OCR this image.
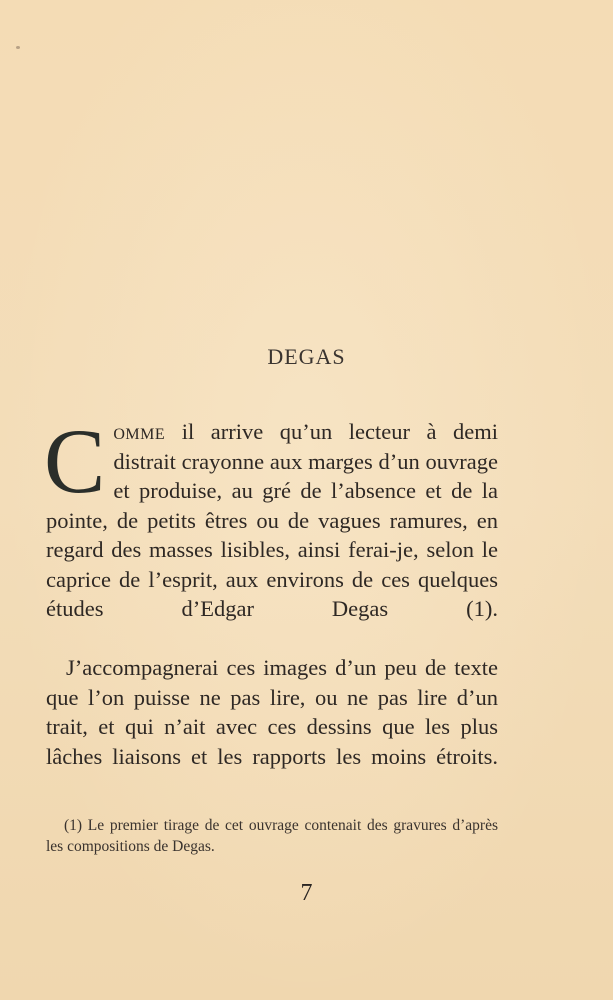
DEGAS

Comme il arrive qu’un lecteur à demi distrait crayonne aux marges d’un ouvrage et produise, au gré de l’absence et de la pointe, de petits êtres ou de vagues ramures, en regard des masses lisibles, ainsi ferai-je, selon le caprice de l’esprit, aux environs de ces quelques études d’Edgar Degas (1).

J’accompagnerai ces images d’un peu de texte que l’on puisse ne pas lire, ou ne pas lire d’un trait, et qui n’ait avec ces dessins que les plus lâches liaisons et les rapports les moins étroits.

(1) Le premier tirage de cet ouvrage contenait des gravures d’après les compositions de Degas.
7
